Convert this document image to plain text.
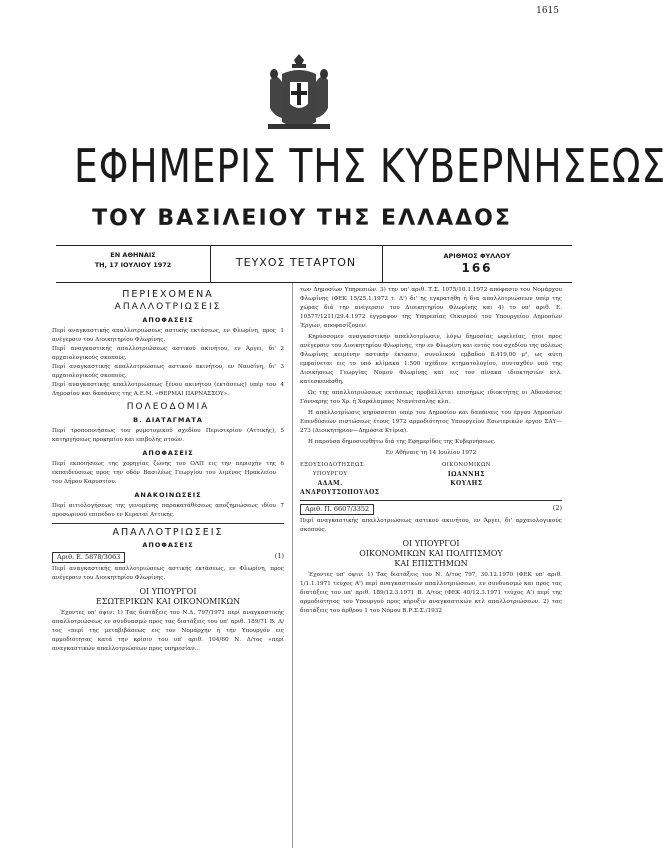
1615
ΕΦΗΜΕΡΙΣ ΤΗΣ ΚΥΒΕΡΝΗΣΕΩΣ
ΤΟΥ ΒΑΣΙΛΕΙΟΥ ΤΗΣ ΕΛΛΑΔΟΣ
ΕΝ ΑΘΗΝΑΙΣ
ΤΗ, 17 ΙΟΥΛΙΟΥ 1972	ΤΕΥΧΟΣ ΤΕΤΑΡΤΟΝ	ΑΡΙΘΜΟΣ ΦΥΛΛΟΥ
166
ΠΕΡΙΕΧΟΜΕΝΑ
ΑΠΑΛΛΟΤΡΙΩΣΕΙΣ
ΑΠΟΦΑΣΕΙΣ
Περί αναγκαστικής απαλλοτριώσεως αστικής εκτάσεως, εν Φλωρίνη, προς ανέγερσιν του Διοικητηρίου Φλωρίνης.
1
Περί αναγκαστικής απαλλοτριώσεως αστικού ακινήτου, εν Άργει, δι' αρχαιολογικούς σκοπούς.
2
Περί αναγκαστικής απαλλοτριώσεως αστικού ακινήτου, εν Ναυσίνη, δι' αρχαιολογικούς σκοπούς.
3
Περί αναγκαστικής απαλλοτριώσεως ξένου ακινήτου (εκτάσεως) υπέρ του Δημοσίου και δαπάναις της Α.Ε.Μ. «ΘΕΡΜΑΙ ΠΑΡΝΑΣΣΟΥ».
4
ΠΟΛΕΟΔΟΜΙΑ
Β. ΔΙΑΤΑΓΜΑΤΑ
Περί τροποποιήσεως του ρυμοτομικού σχεδίου Περιστερίου (Αττικής), κατηργήσεως προκηπίου και επιβολής στοών.
5
ΑΠΟΦΑΣΕΙΣ
Περί εκποιήσεως της χορηγίας ζώνης του ΟΛΠ εις την περιοχήν της εκπαιδεύσεως προς την οδόν Βασιλέως Γεωργίου του λιμένος Ηρακλείου του Δήμου Καρυστίου.
6
ΑΝΑΚΟΙΝΩΣΕΙΣ
Περί αιτιολογήσεως της γενομένης παρακατάθέσεως αποζημιώσεως ιδίου προσωρινού επιπέδου εν Κεραταί Αττικής.
7
ΑΠΑΛΛΟΤΡΙΩΣΕΙΣ
ΑΠΟΦΑΣΕΙΣ
Αριθ. Ε. 5878/3063	(1)

Περί αναγκαστικής απαλλοτριώσεως αστικής εκτάσεως, εν Φλωρίνη, προς ανέγερσιν του Διοικητηρίου Φλωρίνης.

ΟΙ ΥΠΟΥΡΓΟΙ
ΕΣΩΤΕΡΙΚΩΝ ΚΑΙ ΟΙΚΟΝΟΜΙΚΩΝ

Έχοντες υπ' όψιν: 1) Τας διατάξεις του Ν.Δ. 797/1971 περί αναγκαστικής απαλλοτριώσεως εν συνδυασμώ προς τας διατάξεις του υπ' αριθ. 189/71 Β. Δ/τος «περί της μεταβιβάσεως εις τον Νομάρχην ή την Υπουργόν εις αρμοδιότητας κατά την κρίσιν του υπ' αριθ. 104/60 Ν. Δ/τος «περί αναγκαστικών απαλλοτριώσεων προς υπηρεσίαν...

των Δημοσίων Υπηρεσιών. 3) την υπ' αριθ. Τ.Σ. 1075/10.1.1972 απόφασιν του Νομάρχου Φλωρίνης (ΦΕΚ 15/25.1.1972 τ. Δ') δι' ης εγκρατήθη ή δια απαλλοτριώσεων υπέρ της χώρας διά την ανέγερσιν του Διοικητηρίου Φλωρίνης και 4) το υπ' αριθ. Ε. 10577/1211/29.4.1972 έγγραφον της Υπηρεσίας Οικισμού του Υπουργείου Δημοσίων Έργων, αποφασίζομεν:

Κηρύσσομεν αναγκαστικήν απαλλοτρίωσιν, λόγω δημοσίας ωφελείας, ήτοι προς ανέγερσιν του Διοικητηρίου Φλωρίνης, την εν Φλωρίνη και εντός του σχεδίου της πόλεως Φλωρίνης κειμένην αστικήν έκτασιν, συνολικού εμβαδού 8.419,00 μ², ως αύτη εμφαίνεται εις το υπό κλίμακα 1:500 σχέδιον κτηματολογίου, συνταχθέν υπό της Διοικήσεως Γεωργίας Νομού Φλωρίνης και εις τον πίνακα ιδιοκτησιών κτλ. κατεσκευάσθη.

Ως της απαλλοτριώσεως εκτάσεως προβάλλεται επισήμως ιδιοκτήτης οι Αδανάσιος Γόνναρης του Χρ. ή Χαράλαμπος Ντανέτσαλης κλπ.

Η απαλλοτρίωσις κηρύσσεται υπέρ του Δημοσίου και δαπάναις του έργου Δημοσίων Επενδύσεων πιστώσεως έτους 1972 αρμοδιότητος Υπουργείου Εσωτερικών έργον ΣΑΥ—273 (Διοικητήριον—Δημόσια Κτίρια).

Η παρούσα δημοσιευθήτω διά της Εφημερίδος της Κυβερνήσεως.

Εν Αθήναις τη 14 Ιουλίου 1972

ΕΞΟΥΣΙΟΔΟΤΗΣΕΩΣ ΥΠΟΥΡΓΟΥ
ΑΔΑΜ. ΑΝΔΡΟΥΤΣΟΠΟΥΛΟΣ
ΟΙΚΟΝΟΜΙΚΩΝ
ΙΩΑΝΝΗΣ ΚΟΥΛΗΣ
Αριθ. Π. 6607/3352	(2)

Περί αναγκαστικής απαλλοτριώσεως αστικού ακινήτου, εν Άργει, δι' αρχαιολογικούς σκοπούς.

ΟΙ ΥΠΟΥΡΓΟΙ
ΟΙΚΟΝΟΜΙΚΩΝ ΚΑΙ ΠΟΛΙΤΙΣΜΟΥ
ΚΑΙ ΕΠΙΣΤΗΜΩΝ

Έχοντες υπ' όψιν: 1) Τας διατάξεις του Ν. Δ/τος 797, 30.12.1970 (ΦΕΚ υπ' αριθ. 1/1.1.1971 τεύχος Α') περί αναγκαστικών απαλλοτριώσεων, εν συνδυασμώ και προς τας διατάξεις του υπ' αριθ. 189/12.3.1971 Β. Δ/τος (ΦΕΚ 40/12.3.1971 τεύχος Α') περί της αρμοδιότητος του Υπουργού προς κήρυξιν αναγκαστικών κτλ απαλλοτριώσεων. 2) τας διατάξεις του άρθρου 1 του Νόμου Β.Ρ.Σ.Σ./1932
